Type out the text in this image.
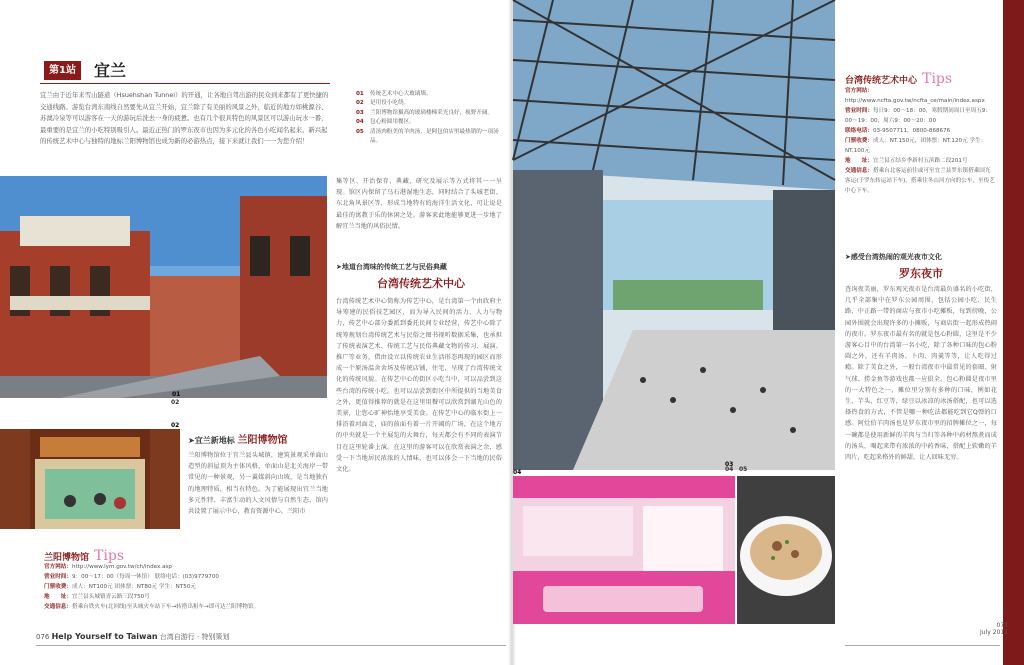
第1站	宜兰
宜兰由于近年来雪山隧道（Hsuehshan Tunnel）的开通，让各地自驾出游的民众到来都有了更快捷的交通线路。游览台湾东南线自然要先从宜兰开始，宜兰除了有美丽的风景之外，临近的地方如桃源谷、苏澳冷泉等可以游客在一天的游玩后洗去一身的疲惫。也有几个很具特色的风景区可以游山玩水一番，最重要的是宜兰的小吃特别吸引人。最近正热门的罗东夜市也因为多元化的各色小吃闻名起来。新兴起的传统艺术中心与独特的地标兰阳博物馆也成为新的必游热点，接下来就让我们一一为您介绍！
01	传统艺术中心大玻璃墙。
02	是用役小吃绕。
03	兰阳博物馆摄高的玻璃楼梯采光良好，视野开阔。
04	包心粉圆用餐区。
05	清汤肉粉美的羊肉汤，是阿包伯店里最热销的一项汤品。
01
02
02
集等区、开治保存、典藏、研究及展示等方式将其一一呈现。馆区内保留了乌石港湿地生态，同时结合了头城老街、东北角风景区等，形成当地特有的海洋生活文化，可让说是最佳的寓教于乐的休闲之处。游客来此地能够更进一步地了解宜兰当地的风俗民情。
➤地道台湾味的传统工艺与民俗典藏
台湾传统艺术中心
台湾传统艺术中心简称为传艺中心，是台湾第一个由政府主导筹建的民俗技艺园区，而为导入民间的活力、人力与物力，传艺中心部分委派到委托民间专业经营，传艺中心除了统筹规划台湾传统艺术与民俗之图书视听数据采集，也承担了传统表演艺术、传统工艺与民俗典藏文物的传习、展演、推广等业务，借由设立以传统农业生活形态再现的园区而形成一个原汤温舍舍场及传统店铺，住宅，呈现了台湾传统文化的传统风貌。在传艺中心的街区小吃当中，可以品尝到这些台湾的传统小吃。也可以品尝到街区中所提供的当地美食之外，更值得推荐的就是在这里用餐可以欣赏到湖光山色的美景，让您心旷神怡地享受美食。在传艺中心的临水街上一排沿着河面走，庙的前面有着一片开阔的广场，在这个地方的中央就是一个主展览的大舞台，每天都会有不同的表演节目在这里轮番上演。在这里的游客可以在欣赏表演之余，感受一下当地居民浓浓的人情味，也可以体会一下当地的民俗文化。
➤宜兰新地标 兰阳博物馆
兰阳博物馆位于宜兰县头城镇，建筑景观采单面山造型的斜屋顶为主体风格，单面山是北关海岸一带常见的一种景观，另一翼媒斜向山坡，是当地独有的地理特质，相当有特色。为了能展现出宜兰当地多元性特、丰富生动的人文风情与自然生态，馆内共设置了展示中心，教育资源中心、兰阳市
兰阳博物馆 Tips
官方网站：http://www.lym.gov.tw/ch/index.asp
营业时间：9：00～17：00（每周一休馆） 联络电话：(03)9779700
门票收费：成人：NT100元 团体票：NT80元 学生：NT50元
地　　址：宜兰县头城镇青云路三段750号
交通信息：搭乘台铁火车(北回线)至头城火车站下车→转搭出租车→即可达兰阳博物馆。
03
04	04 05
台湾传统艺术中心 Tips
官方网站：http://www.ncfta.gov.tw/ncfta_ce/main/index.aspx
营业时间：每日9：00～18：00，寒假期间周日至周五9：00～19：00，周六9：00～20：00
联络电话：03-9507711，0800-868676
门票收费：成人：NT.150元，团体票：NT.120元 学生：NT.100元
地　　址：宜兰县五结乡季新村五滨路二段201号
交通信息：搭乘台北客运前往或可至宜兰县罗东镇搭乘国光客运(于罗东转运站下车)，搭乘往冬山河方向的公车，至传艺中心下车。
➤感受台湾热闹的观光夜市文化
罗东夜市
查询夜美丽，罗东观光夜市是台湾最负盛名的小吃街，几乎全部集中在罗东公园周围，包括公园小吃、民生路、中正路一带的商店与夜市小吃摊贩，每到傍晚，公园外围就会出现许多的小摊贩，与商店街一起形成热闹的夜市。罗东夜市最有名的就是包心粉圆，这里是不少游客心目中的台湾第一名小吃，除了各种口味的包心粉圆之外，还有羊肉汤、卜肉、肉羹等等，让人吃得过瘾。除了美食之外，一般台湾夜市中最常见的套圈、射气球、捞金鱼等游戏也都一应俱全。包心粉圆是夜市里的一大特色之一，摊位里分别有多种的口味，例如花生、芋头、红豆等，绿豆以冰凉的冰汤搭配，也可以选择热食的方式，不管是哪一种吃法都能吃到它Q弹的口感。阿灶伯羊肉汤也是罗东夜市里的招牌摊位之一，每一碗都是使用新鲜的羊肉与当归等各种中药材熬煮而成的汤头，喝起来带有浓浓的中药香味，搭配上软嫩的羊肉片，吃起来格外的鲜甜，让人回味无穷。
076 Help Yourself to Taiwan 台湾自游行 · 特别策划
077
July 2011
